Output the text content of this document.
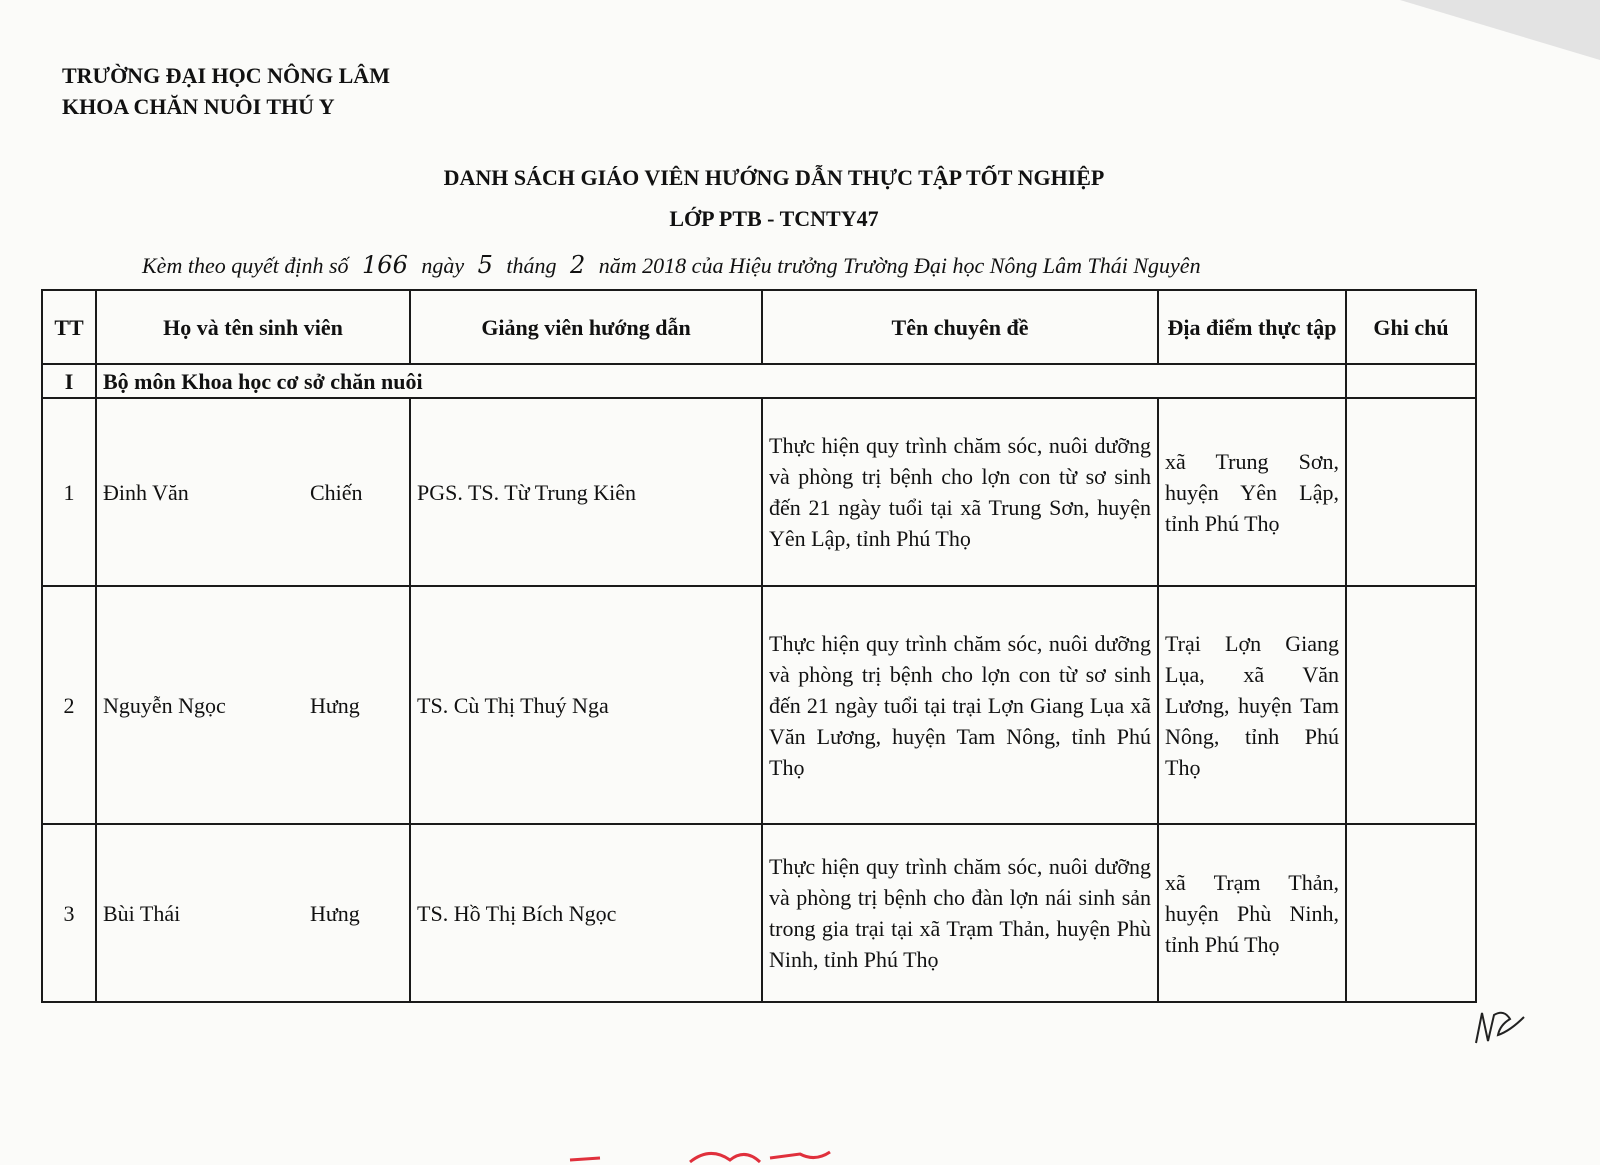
TRƯỜNG ĐẠI HỌC NÔNG LÂM
KHOA CHĂN NUÔI THÚ Y
DANH SÁCH GIÁO VIÊN HƯỚNG DẪN THỰC TẬP TỐT NGHIỆP
LỚP PTB - TCNTY47
Kèm theo quyết định số 166 ngày 5 tháng 2 năm 2018 của Hiệu trưởng Trường Đại học Nông Lâm Thái Nguyên
TT	Họ và tên sinh viên		Giảng viên hướng dẫn	Tên chuyên đề	Địa điểm thực tập	Ghi chú
I	Bộ môn Khoa học cơ sở chăn nuôi					
1	Đinh Văn	Chiến	PGS. TS. Từ Trung Kiên	Thực hiện quy trình chăm sóc, nuôi dưỡng và phòng trị bệnh cho lợn con từ sơ sinh đến 21 ngày tuổi tại xã Trung Sơn, huyện Yên Lập, tỉnh Phú Thọ	xã Trung Sơn, huyện Yên Lập, tỉnh Phú Thọ	
2	Nguyễn Ngọc	Hưng	TS. Cù Thị Thuý Nga	Thực hiện quy trình chăm sóc, nuôi dưỡng và phòng trị bệnh cho lợn con từ sơ sinh đến 21 ngày tuổi tại trại Lợn Giang Lụa xã Văn Lương, huyện Tam Nông, tỉnh Phú Thọ	Trại Lợn Giang Lụa, xã Văn Lương, huyện Tam Nông, tỉnh Phú Thọ	
3	Bùi Thái	Hưng	TS. Hồ Thị Bích Ngọc	Thực hiện quy trình chăm sóc, nuôi dưỡng và phòng trị bệnh cho đàn lợn nái sinh sản trong gia trại tại xã Trạm Thản, huyện Phù Ninh, tỉnh Phú Thọ	xã Trạm Thản, huyện Phù Ninh, tỉnh Phú Thọ	
